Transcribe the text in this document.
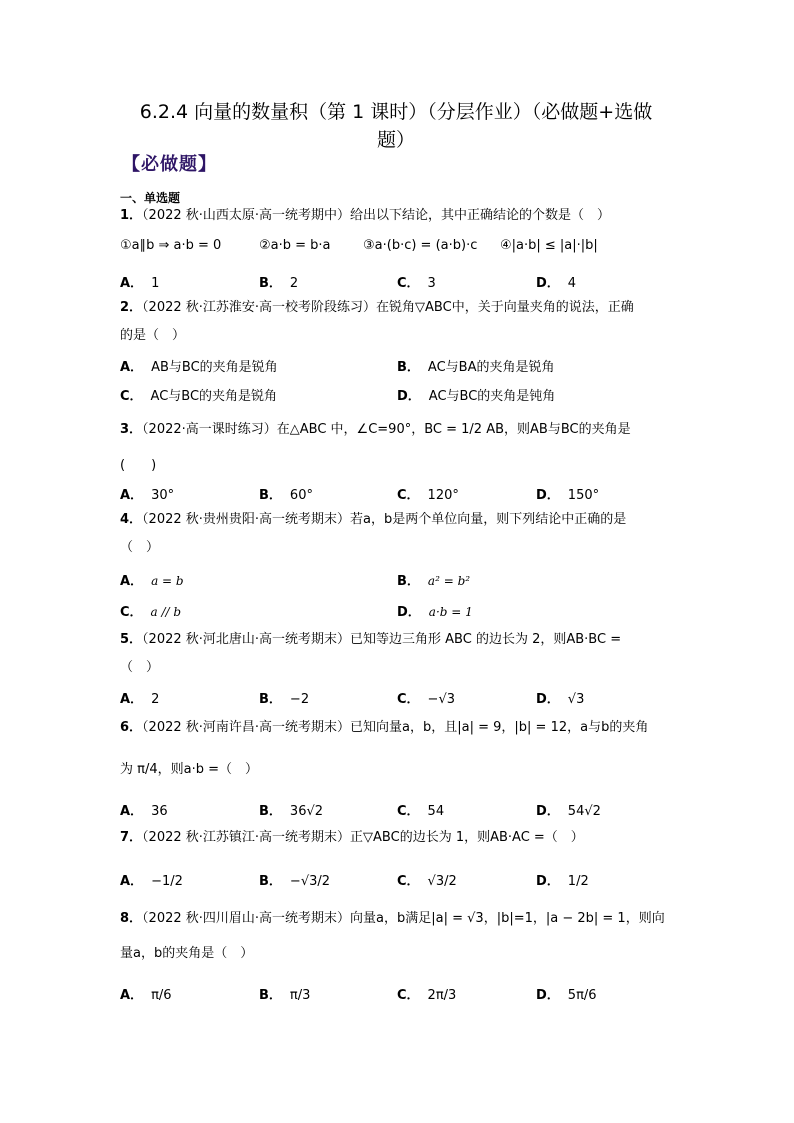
6.2.4 向量的数量积（第 1 课时）（分层作业）（必做题+选做
题）
【必做题】
一、单选题
1．（2022 秋·山西太原·高一统考期中）给出以下结论，其中正确结论的个数是（　）
①a∥b ⇒ a·b = 0	②a·b = b·a ③a·(b·c) = (a·b)·c ④|a·b| ≤ |a|·|b|
A． 1	B． 2	C． 3	D． 4
2．（2022 秋·江苏淮安·高一校考阶段练习）在锐角▽ABC中，关于向量夹角的说法，正确
的是（　）
A． AB与BC的夹角是锐角	B． AC与BA的夹角是锐角
C． AC与BC的夹角是锐角	D． AC与BC的夹角是钝角
3．（2022·高一课时练习）在△ABC 中，∠C=90°，BC = 1/2 AB，则AB与BC的夹角是
(　　)
A． 30°	B． 60°	C． 120°	D． 150°
4．（2022 秋·贵州贵阳·高一统考期末）若a，b是两个单位向量，则下列结论中正确的是
（　）
A． a = b	B． a² = b²
C． a // b	D． a·b = 1
5．（2022 秋·河北唐山·高一统考期末）已知等边三角形 ABC 的边长为 2，则AB·BC =
（　）
A． 2	B． −2	C． −√3	D． √3
6．（2022 秋·河南许昌·高一统考期末）已知向量a，b，且|a| = 9，|b| = 12，a与b的夹角
为 π/4，则a·b =（　）
A． 36	B． 36√2	C． 54	D． 54√2
7．（2022 秋·江苏镇江·高一统考期末）正▽ABC的边长为 1，则AB·AC =（　）
A． −1/2	B． −√3/2	C． √3/2	D． 1/2
8．（2022 秋·四川眉山·高一统考期末）向量a，b满足|a| = √3，|b|=1，|a − 2b| = 1，则向
量a，b的夹角是（　）
A． π/6	B． π/3	C． 2π/3	D． 5π/6
